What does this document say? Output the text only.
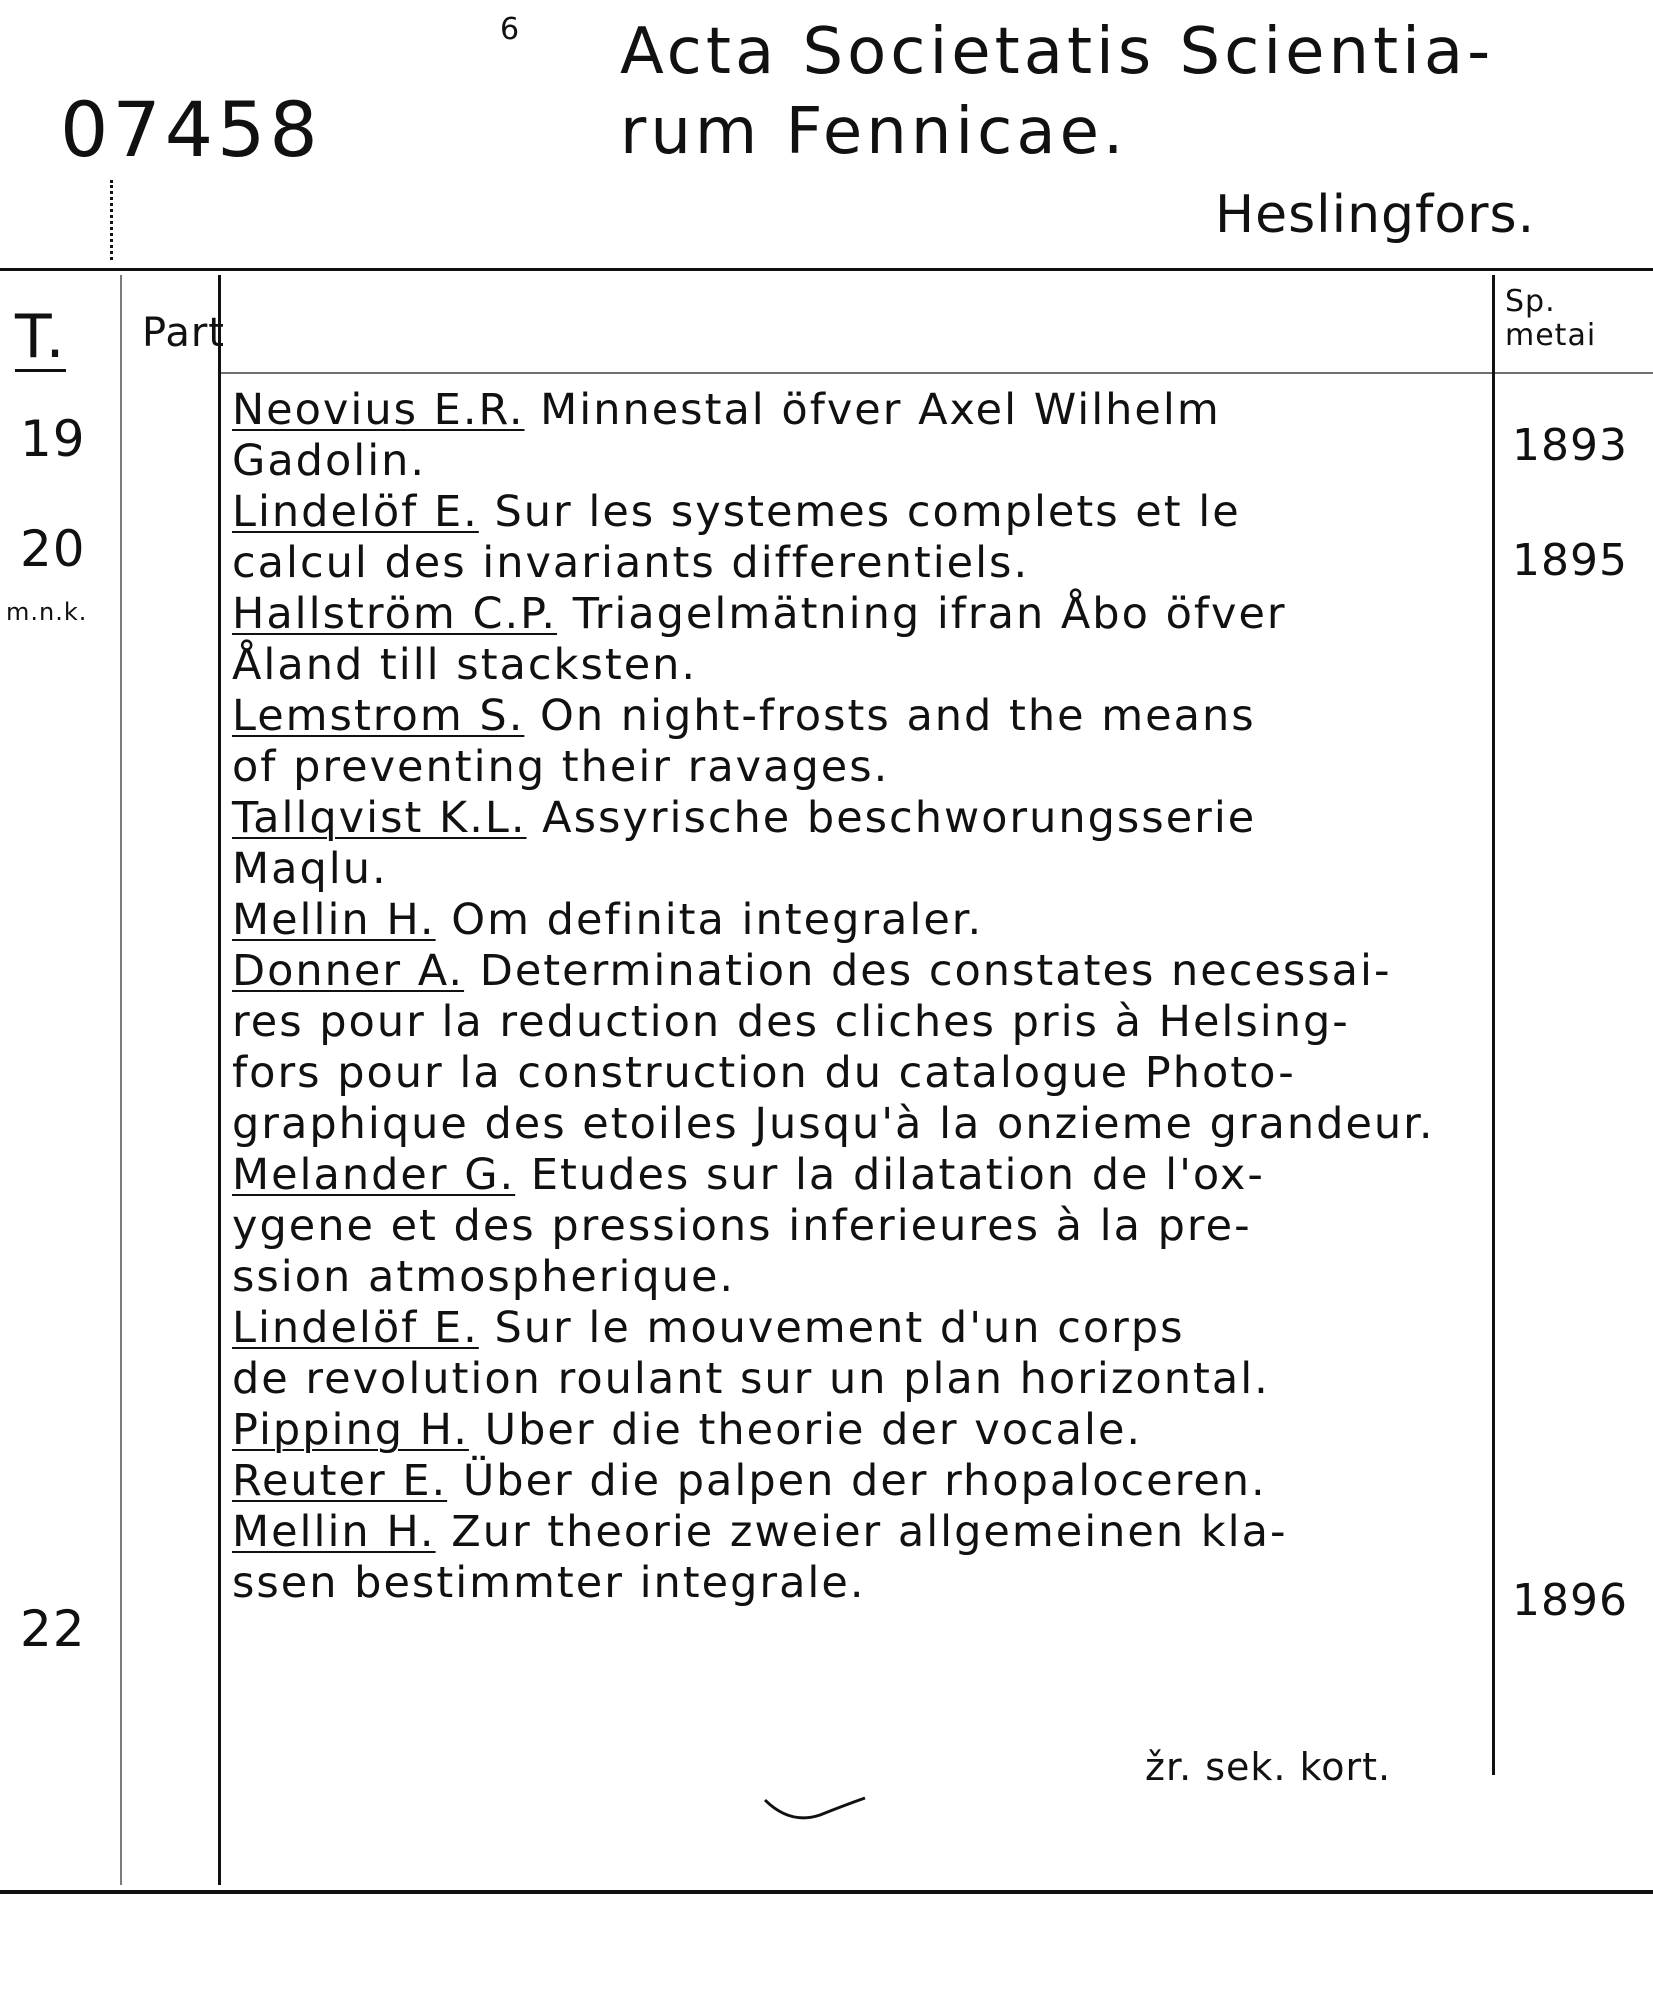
6
07458
Acta Societatis Scientia-
rum Fennicae.
Heslingfors.
T. Part
Sp. metai
19
20
22
m.n.k.
1893
1895
1896
Neovius E.R. Minnestal öfver Axel Wilhelm
Gadolin.
Lindelöf E. Sur les systemes complets et le
calcul des invariants differentiels.
Hallström C.P. Triagelmätning ifran Åbo öfver
Åland till stacksten.
Lemstrom S. On night-frosts and the means
of preventing their ravages.
Tallqvist K.L. Assyrische beschworungsserie
Maqlu.
Mellin H. Om definita integraler.
Donner A. Determination des constates necessai-
res pour la reduction des cliches pris à Helsing-
fors pour la construction du catalogue Photo-
graphique des etoiles Jusqu'à la onzieme grandeur.
Melander G. Etudes sur la dilatation de l'ox-
ygene et des pressions inferieures à la pre-
ssion atmospherique.
Lindelöf E. Sur le mouvement d'un corps
de revolution roulant sur un plan horizontal.
Pipping H. Uber die theorie der vocale.
Reuter E. Über die palpen der rhopaloceren.
Mellin H. Zur theorie zweier allgemeinen kla-
ssen bestimmter integrale.
žr. sek. kort.
